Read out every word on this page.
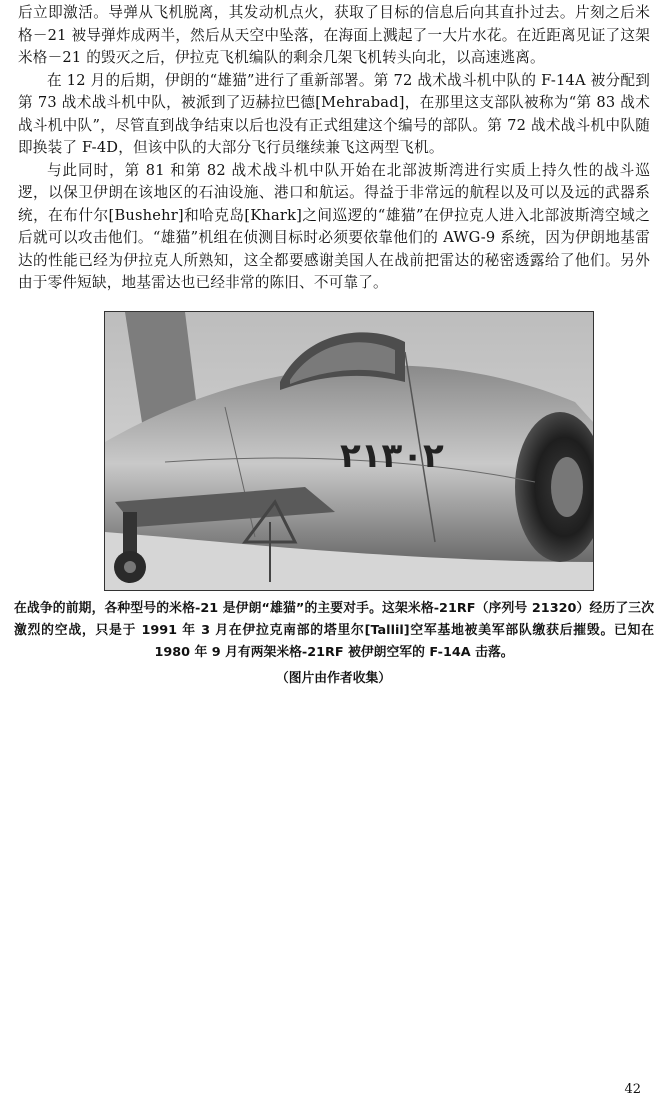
后立即激活。导弹从飞机脱离，其发动机点火，获取了目标的信息后向其直扑过去。片刻之后米格－21 被导弹炸成两半，然后从天空中坠落，在海面上溅起了一大片水花。在近距离见证了这架米格－21 的毁灭之后，伊拉克飞机编队的剩余几架飞机转头向北，以高速逃离。

在 12 月的后期，伊朗的“雄猫”进行了重新部署。第 72 战术战斗机中队的 F-14A 被分配到第 73 战术战斗机中队，被派到了迈赫拉巴德[Mehrabad]，在那里这支部队被称为“第 83 战术战斗机中队”，尽管直到战争结束以后也没有正式组建这个编号的部队。第 72 战术战斗机中队随即换装了 F-4D，但该中队的大部分飞行员继续兼飞这两型飞机。

与此同时，第 81 和第 82 战术战斗机中队开始在北部波斯湾进行实质上持久性的战斗巡逻，以保卫伊朗在该地区的石油设施、港口和航运。得益于非常远的航程以及可以及远的武器系统，在布什尔[Bushehr]和哈克岛[Khark]之间巡逻的“雄猫”在伊拉克人进入北部波斯湾空域之后就可以攻击他们。“雄猫”机组在侦测目标时必须要依靠他们的 AWG-9 系统，因为伊朗地基雷达的性能已经为伊拉克人所熟知，这全都要感谢美国人在战前把雷达的秘密透露给了他们。另外由于零件短缺，地基雷达也已经非常的陈旧、不可靠了。

٢١٣٠٢
在战争的前期，各种型号的米格-21 是伊朗“雄猫”的主要对手。这架米格-21RF（序列号 21320）经历了三次激烈的空战，只是于 1991 年 3 月在伊拉克南部的塔里尔[Tallil]空军基地被美军部队缴获后摧毁。已知在 1980 年 9 月有两架米格-21RF 被伊朗空军的 F-14A 击落。
（图片由作者收集）
42
